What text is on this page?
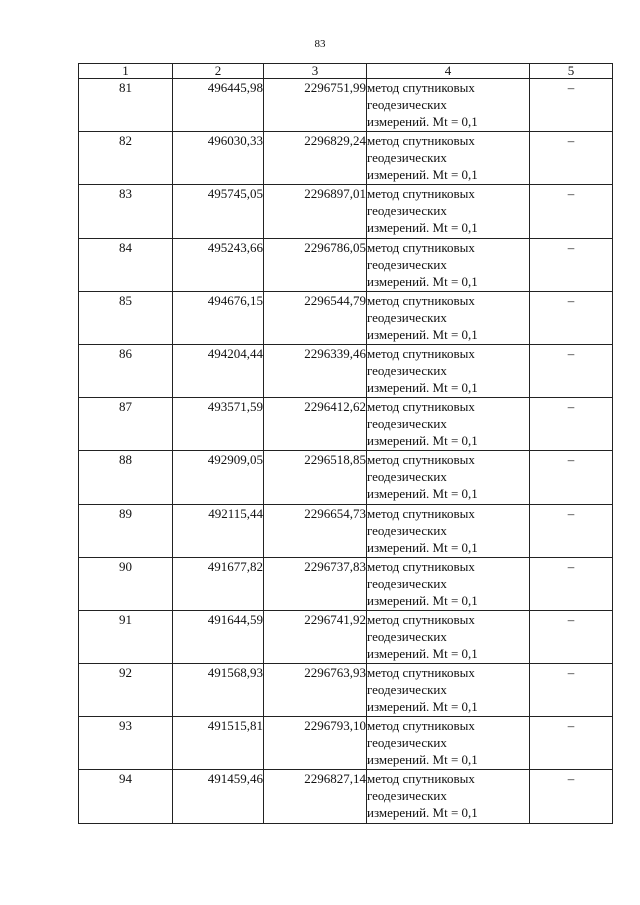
83
1	2	3	4	5
81	496445,98	2296751,99	метод спутниковых
геодезических
измерений. Mt = 0,1	–
82	496030,33	2296829,24	метод спутниковых
геодезических
измерений. Mt = 0,1	–
83	495745,05	2296897,01	метод спутниковых
геодезических
измерений. Mt = 0,1	–
84	495243,66	2296786,05	метод спутниковых
геодезических
измерений. Mt = 0,1	–
85	494676,15	2296544,79	метод спутниковых
геодезических
измерений. Mt = 0,1	–
86	494204,44	2296339,46	метод спутниковых
геодезических
измерений. Mt = 0,1	–
87	493571,59	2296412,62	метод спутниковых
геодезических
измерений. Mt = 0,1	–
88	492909,05	2296518,85	метод спутниковых
геодезических
измерений. Mt = 0,1	–
89	492115,44	2296654,73	метод спутниковых
геодезических
измерений. Mt = 0,1	–
90	491677,82	2296737,83	метод спутниковых
геодезических
измерений. Mt = 0,1	–
91	491644,59	2296741,92	метод спутниковых
геодезических
измерений. Mt = 0,1	–
92	491568,93	2296763,93	метод спутниковых
геодезических
измерений. Mt = 0,1	–
93	491515,81	2296793,10	метод спутниковых
геодезических
измерений. Mt = 0,1	–
94	491459,46	2296827,14	метод спутниковых
геодезических
измерений. Mt = 0,1	–
